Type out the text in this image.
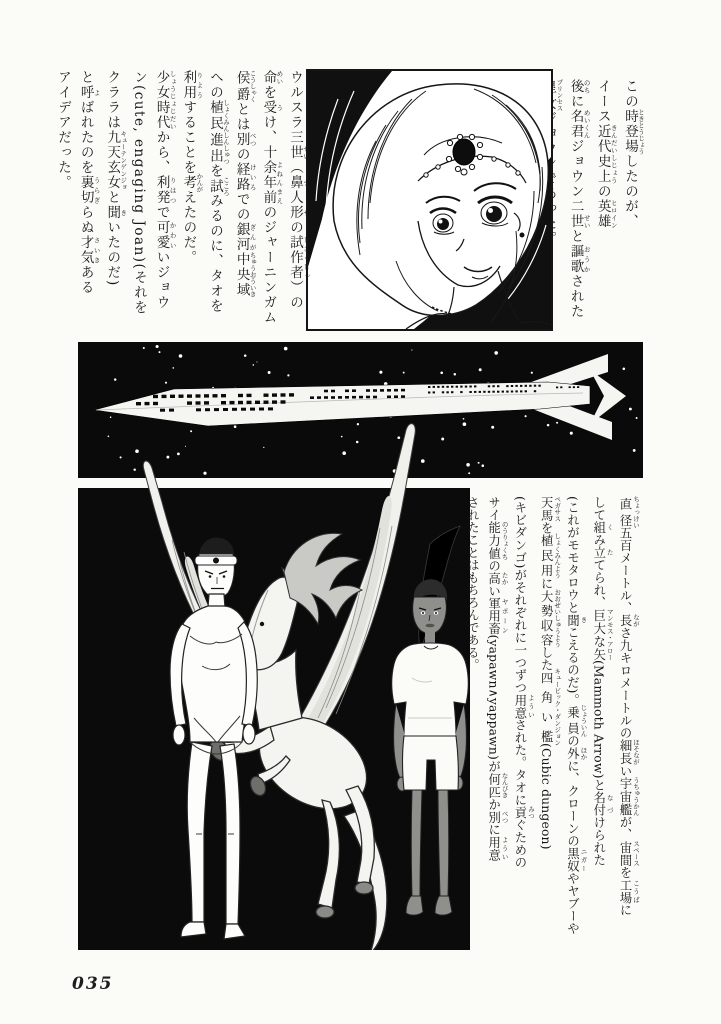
この時登場 ときとうじょうしたのが、

イース近代 きんだい史上 しじょうの英雄 ヒロイン

後 のちに名君 めいくんジョウン二世 せいと謳歌 おうかされた

プリンセス

ウルスラ三世 せい（鼻人形 チーザの試作者 しさくしゃ）の

命 めいを受 うけ、十余年前 よねんまえのジャーニンガム

侯爵 こうしゃくとは別 べつの経路 けいろでの銀河 ぎんが中央域 ちゅうおういき

への植民進出 しょくみんしんしゅつを試 こころみるのに、タオを

利用 りようすることを考 かんがえたのだ。

少女時代 しょうじょじだいから、利発 りはつで可愛 かわいいジョウ

ン(cute, engaging Joan)(それを

クララは九天玄女 キューテンゲンジョと聞 きいたのだ)

と呼 よばれたのを裏切 うらぎらぬ才気 さいきある

アイデアだった。

直径 ちょっけい五百メートル、長 ながさ九キロメートルの細長 ほそながい宇宙艦 うちゅうかんが、宙間 スペースを工場 こうばに

して組 くみ立 たてられ、巨大な矢 マンモス・アロー(Mammoth Arrow)と名付 なづけられた

(これがモモタロウと聞 きこえるのだ)。乗員 じょういんの外 ほかに、クローンの黒奴 ニガーやヤブーや

天馬 ペガサスを植民用 しょくみんように大勢収容 おおぜいしゅうようした四角い檻 キュービック・ダンジョン(Cubic dungeon)

(キビダンゴ)がそれぞれに一つずつ用意 よういされた。タオに貢 みつぐための

サイ能力値 のうりょくちの高 たかい軍用畜 ヤポーン(yapawn∧yappawn)が何匹 なんびきか別 べつに用意 ようい

されたことはもちろんである。

035
